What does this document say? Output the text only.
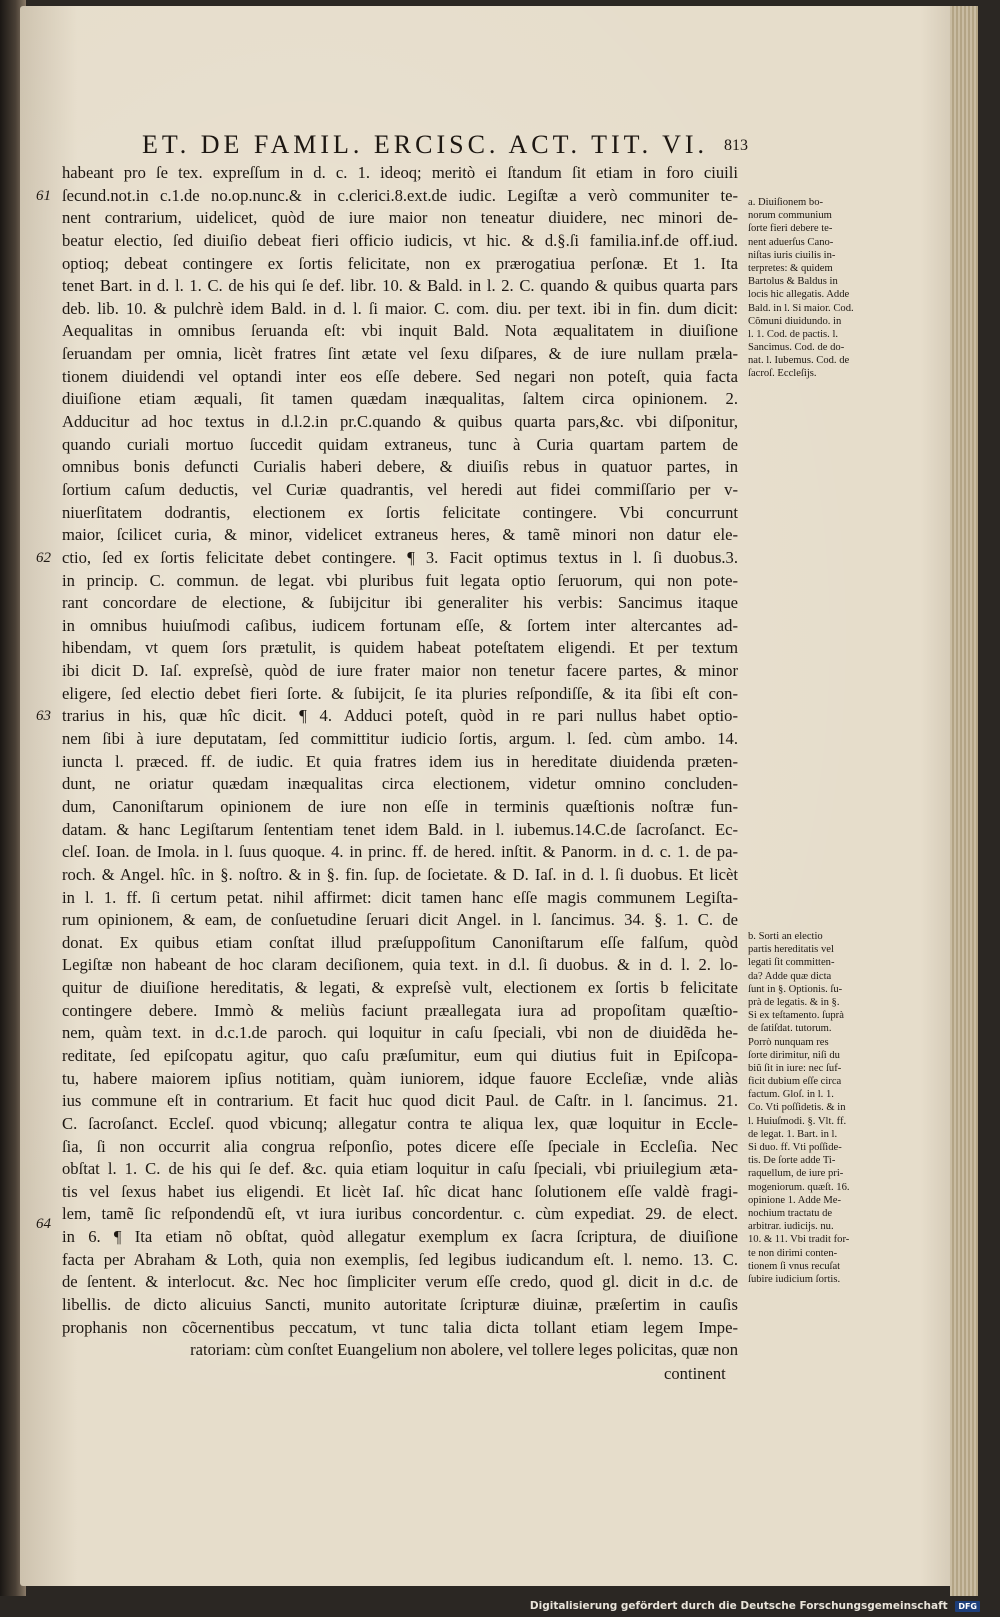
ET. DE FAMIL. ERCISC. ACT. TIT. VI. 813
habeant pro ſe tex. expreſſum in d. c. 1. ideoq; meritò ei ſtandum ſit etiam in foro ciuili
ſecund.not.in c.1.de no.op.nunc.& in c.clerici.8.ext.de iudic. Legiſtæ a verò communiter te-
nent contrarium, uidelicet, quòd de iure maior non teneatur diuidere, nec minori de-
beatur electio, ſed diuiſio debeat fieri officio iudicis, vt hic. & d.§.ſi familia.inf.de off.iud.
optioq; debeat contingere ex ſortis felicitate, non ex prærogatiua perſonæ. Et 1. Ita
tenet Bart. in d. l. 1. C. de his qui ſe def. libr. 10. & Bald. in l. 2. C. quando & quibus quarta pars
deb. lib. 10. & pulchrè idem Bald. in d. l. ſi maior. C. com. diu. per text. ibi in fin. dum dicit:
Aequalitas in omnibus ſeruanda eſt: vbi inquit Bald. Nota æqualitatem in diuiſione
ſeruandam per omnia, licèt fratres ſint ætate vel ſexu diſpares, & de iure nullam præla-
tionem diuidendi vel optandi inter eos eſſe debere. Sed negari non poteſt, quia facta
diuiſione etiam æquali, ſit tamen quædam inæqualitas, ſaltem circa opinionem. 2.
Adducitur ad hoc textus in d.l.2.in pr.C.quando & quibus quarta pars,&c. vbi diſponitur,
quando curiali mortuo ſuccedit quidam extraneus, tunc à Curia quartam partem de
omnibus bonis defuncti Curialis haberi debere, & diuiſis rebus in quatuor partes, in
ſortium caſum deductis, vel Curiæ quadrantis, vel heredi aut fidei commiſſario per v-
niuerſitatem dodrantis, electionem ex ſortis felicitate contingere. Vbi concurrunt
maior, ſcilicet curia, & minor, videlicet extraneus heres, & tamẽ minori non datur ele-
ctio, ſed ex ſortis felicitate debet contingere. ¶ 3. Facit optimus textus in l. ſi duobus.3.
in princip. C. commun. de legat. vbi pluribus fuit legata optio ſeruorum, qui non pote-
rant concordare de electione, & ſubijcitur ibi generaliter his verbis: Sancimus itaque
in omnibus huiuſmodi caſibus, iudicem fortunam eſſe, & ſortem inter altercantes ad-
hibendam, vt quem ſors prætulit, is quidem habeat poteſtatem eligendi. Et per textum
ibi dicit D. Iaſ. expreſsè, quòd de iure frater maior non tenetur facere partes, & minor
eligere, ſed electio debet fieri ſorte. & ſubijcit, ſe ita pluries reſpondiſſe, & ita ſibi eſt con-
trarius in his, quæ hîc dicit. ¶ 4. Adduci poteſt, quòd in re pari nullus habet optio-
nem ſibi à iure deputatam, ſed committitur iudicio ſortis, argum. l. ſed. cùm ambo. 14.
iuncta l. præced. ff. de iudic. Et quia fratres idem ius in hereditate diuidenda præten-
dunt, ne oriatur quædam inæqualitas circa electionem, videtur omnino concluden-
dum, Canoniſtarum opinionem de iure non eſſe in terminis quæſtionis noſtræ fun-
datam. & hanc Legiſtarum ſententiam tenet idem Bald. in l. iubemus.14.C.de ſacroſanct. Ec-
cleſ. Ioan. de Imola. in l. ſuus quoque. 4. in princ. ff. de hered. inſtit. & Panorm. in d. c. 1. de pa-
roch. & Angel. hîc. in §. noſtro. & in §. fin. ſup. de ſocietate. & D. Iaſ. in d. l. ſi duobus. Et licèt
in l. 1. ff. ſi certum petat. nihil affirmet: dicit tamen hanc eſſe magis communem Legiſta-
rum opinionem, & eam, de conſuetudine ſeruari dicit Angel. in l. ſancimus. 34. §. 1. C. de
donat. Ex quibus etiam conſtat illud præſuppoſitum Canoniſtarum eſſe falſum, quòd
Legiſtæ non habeant de hoc claram deciſionem, quia text. in d.l. ſi duobus. & in d. l. 2. lo-
quitur de diuiſione hereditatis, & legati, & expreſsè vult, electionem ex ſortis b felicitate
contingere debere. Immò & meliùs faciunt præallegata iura ad propoſitam quæſtio-
nem, quàm text. in d.c.1.de paroch. qui loquitur in caſu ſpeciali, vbi non de diuidẽda he-
reditate, ſed epiſcopatu agitur, quo caſu præſumitur, eum qui diutius fuit in Epiſcopa-
tu, habere maiorem ipſius notitiam, quàm iuniorem, idque fauore Eccleſiæ, vnde aliàs
ius commune eſt in contrarium. Et facit huc quod dicit Paul. de Caſtr. in l. ſancimus. 21.
C. ſacroſanct. Eccleſ. quod vbicunq; allegatur contra te aliqua lex, quæ loquitur in Eccle-
ſia, ſi non occurrit alia congrua reſponſio, potes dicere eſſe ſpeciale in Eccleſia. Nec
obſtat l. 1. C. de his qui ſe def. &c. quia etiam loquitur in caſu ſpeciali, vbi priuilegium æta-
tis vel ſexus habet ius eligendi. Et licèt Iaſ. hîc dicat hanc ſolutionem eſſe valdè fragi-
lem, tamẽ ſic reſpondendũ eſt, vt iura iuribus concordentur. c. cùm expediat. 29. de elect.
in 6. ¶ Ita etiam nõ obſtat, quòd allegatur exemplum ex ſacra ſcriptura, de diuiſione
facta per Abraham & Loth, quia non exemplis, ſed legibus iudicandum eſt. l. nemo. 13. C.
de ſentent. & interlocut. &c. Nec hoc ſimpliciter verum eſſe credo, quod gl. dicit in d.c. de
libellis. de dicto alicuius Sancti, munito autoritate ſcripturæ diuinæ, præſertim in cauſis
prophanis non cõcernentibus peccatum, vt tunc talia dicta tollant etiam legem Impe-
ratoriam: cùm conſtet Euangelium non abolere, vel tollere leges policitas, quæ non
61
62
63
64
a. Diuiſionem bo-
norum communium
ſorte fieri debere te-
nent aduerſus Cano-
niſtas iuris ciuilis in-
terpretes: & quidem
Bartolus & Baldus in
locis hic allegatis. Adde
Bald. in l. Si maior. Cod.
Cõmuni diuidundo. in
l. 1. Cod. de pactis. l.
Sancimus. Cod. de do-
nat. l. Iubemus. Cod. de
ſacroſ. Eccleſijs.
b. Sorti an electio
partis hereditatis vel
legati ſit committen-
da? Adde quæ dicta
ſunt in §. Optionis. ſu-
prà de legatis. & in §.
Si ex teſtamento. ſuprà
de ſatiſdat. tutorum.
Porrò nunquam res
ſorte dirimitur, niſi du
biũ ſit in iure: nec ſuf-
ficit dubium eſſe circa
factum. Gloſ. in l. 1.
Co. Vti poſſidetis. & in
l. Huiuſmodi. §. Vlt. ff.
de legat. 1. Bart. in l.
Si duo. ff. Vti poſſide-
tis. De ſorte adde Ti-
raquellum, de iure pri-
mogeniorum. quæſt. 16.
opinione 1. Adde Me-
nochium tractatu de
arbitrar. iudicijs. nu.
10. & 11. Vbi tradit for-
te non dirimi conten-
tionem ſi vnus recuſat
ſubire iudicium ſortis.
continent
Digitalisierung gefördert durch die Deutsche Forschungsgemeinschaft DFG
